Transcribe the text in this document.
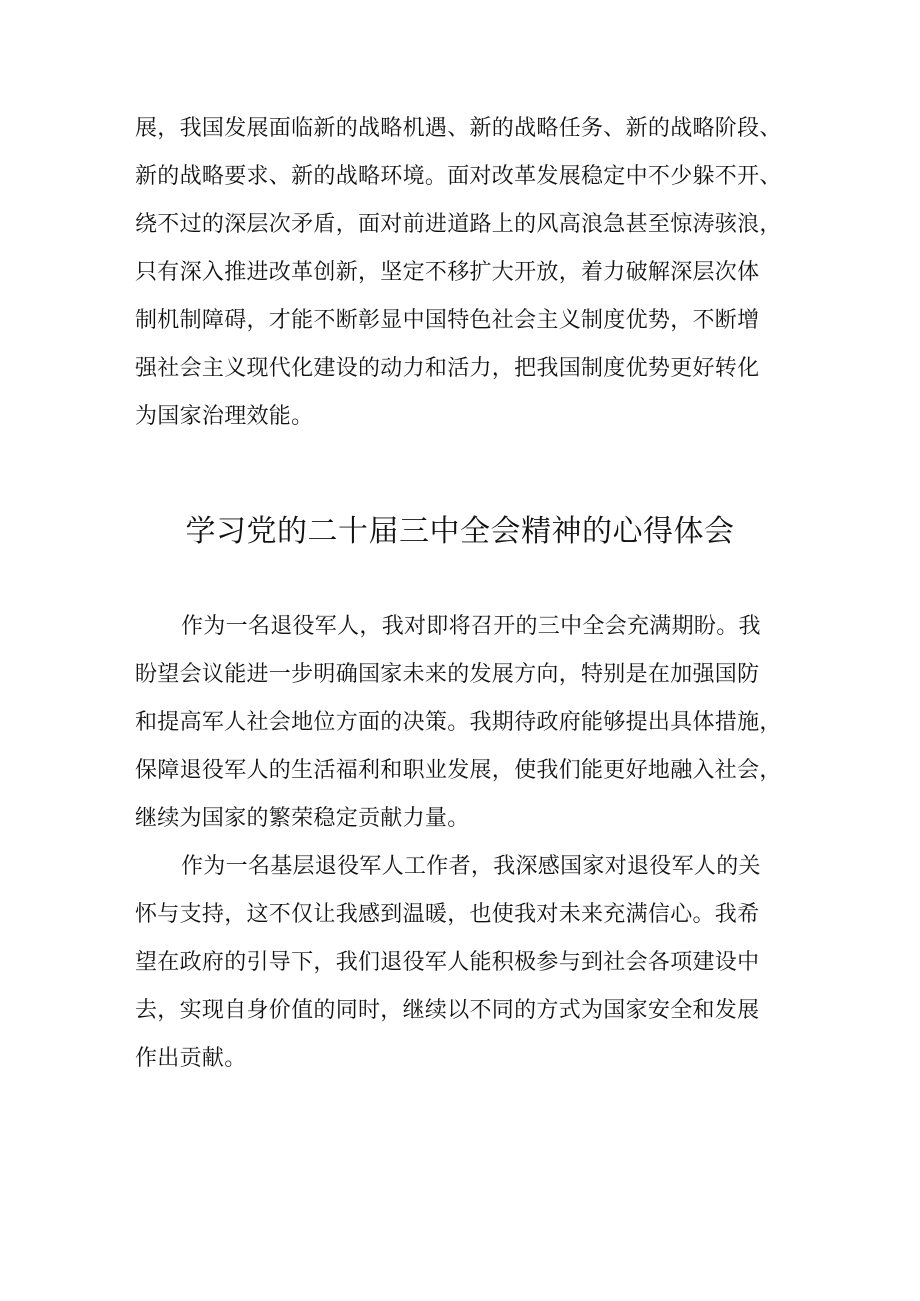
展，我国发展面临新的战略机遇、新的战略任务、新的战略阶段、
新的战略要求、新的战略环境。面对改革发展稳定中不少躲不开、
绕不过的深层次矛盾，面对前进道路上的风高浪急甚至惊涛骇浪，
只有深入推进改革创新，坚定不移扩大开放，着力破解深层次体
制机制障碍，才能不断彰显中国特色社会主义制度优势，不断增
强社会主义现代化建设的动力和活力，把我国制度优势更好转化
为国家治理效能。
学习党的二十届三中全会精神的心得体会
作为一名退役军人，我对即将召开的三中全会充满期盼。我
盼望会议能进一步明确国家未来的发展方向，特别是在加强国防
和提高军人社会地位方面的决策。我期待政府能够提出具体措施，
保障退役军人的生活福利和职业发展，使我们能更好地融入社会，
继续为国家的繁荣稳定贡献力量。
作为一名基层退役军人工作者，我深感国家对退役军人的关
怀与支持，这不仅让我感到温暖，也使我对未来充满信心。我希
望在政府的引导下，我们退役军人能积极参与到社会各项建设中
去，实现自身价值的同时，继续以不同的方式为国家安全和发展
作出贡献。
